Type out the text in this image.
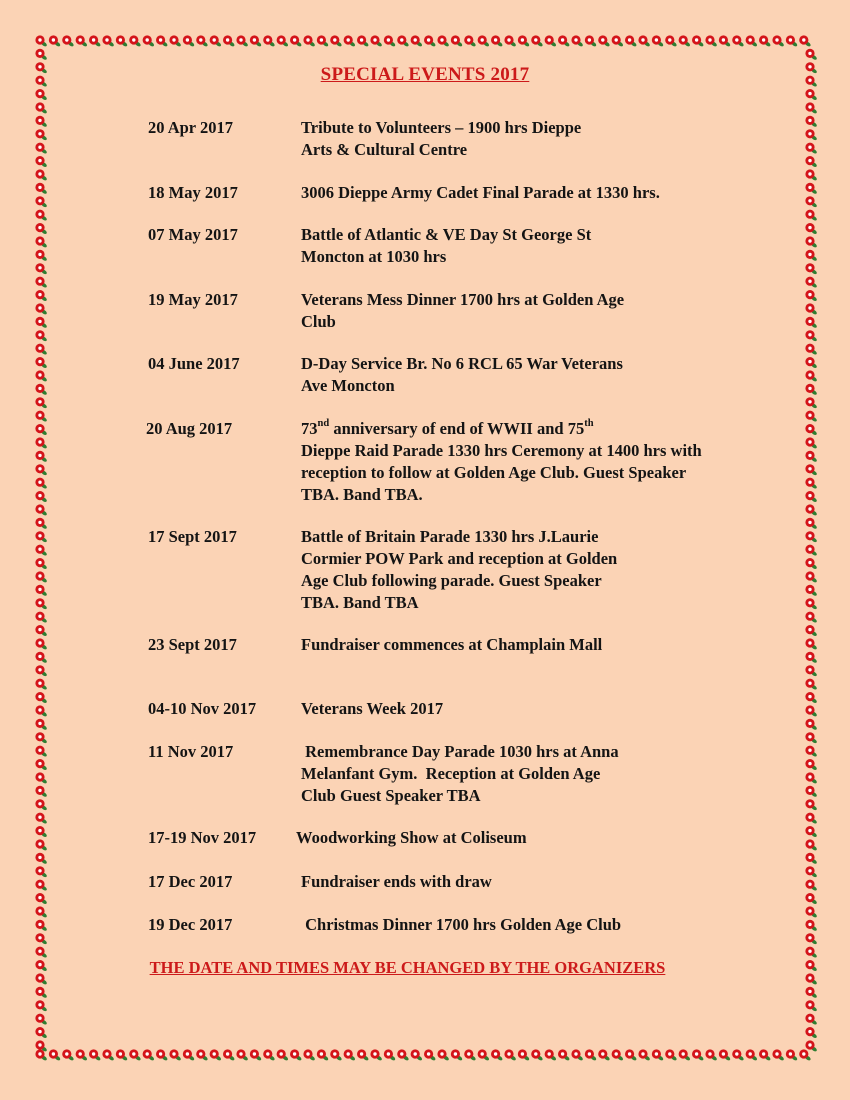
SPECIAL EVENTS 2017
20 Apr 2017	Tribute to Volunteers – 1900 hrs Dieppe
Arts & Cultural Centre
18 May 2017	3006 Dieppe Army Cadet Final Parade at 1330 hrs.
07 May 2017	Battle of Atlantic & VE Day St George St
Moncton at 1030 hrs
19 May 2017	Veterans Mess Dinner 1700 hrs at Golden Age
Club
04 June 2017	D-Day Service Br. No 6 RCL 65 War Veterans
Ave Moncton
20 Aug 2017	73nd anniversary of end of WWII and 75th
Dieppe Raid Parade 1330 hrs Ceremony at 1400 hrs with
reception to follow at Golden Age Club. Guest Speaker
TBA. Band TBA.
17 Sept 2017	Battle of Britain Parade 1330 hrs J.Laurie
Cormier POW Park and reception at Golden
Age Club following parade. Guest Speaker
TBA. Band TBA
23 Sept 2017	Fundraiser commences at Champlain Mall
04-10 Nov 2017	Veterans Week 2017
11 Nov 2017	Remembrance Day Parade 1030 hrs at Anna
Melanfant Gym.  Reception at Golden Age
Club Guest Speaker TBA
17-19 Nov 2017 Woodworking Show at Coliseum
17 Dec 2017	Fundraiser ends with draw
19 Dec 2017	Christmas Dinner 1700 hrs Golden Age Club
THE DATE AND TIMES MAY BE CHANGED BY THE ORGANIZERS
